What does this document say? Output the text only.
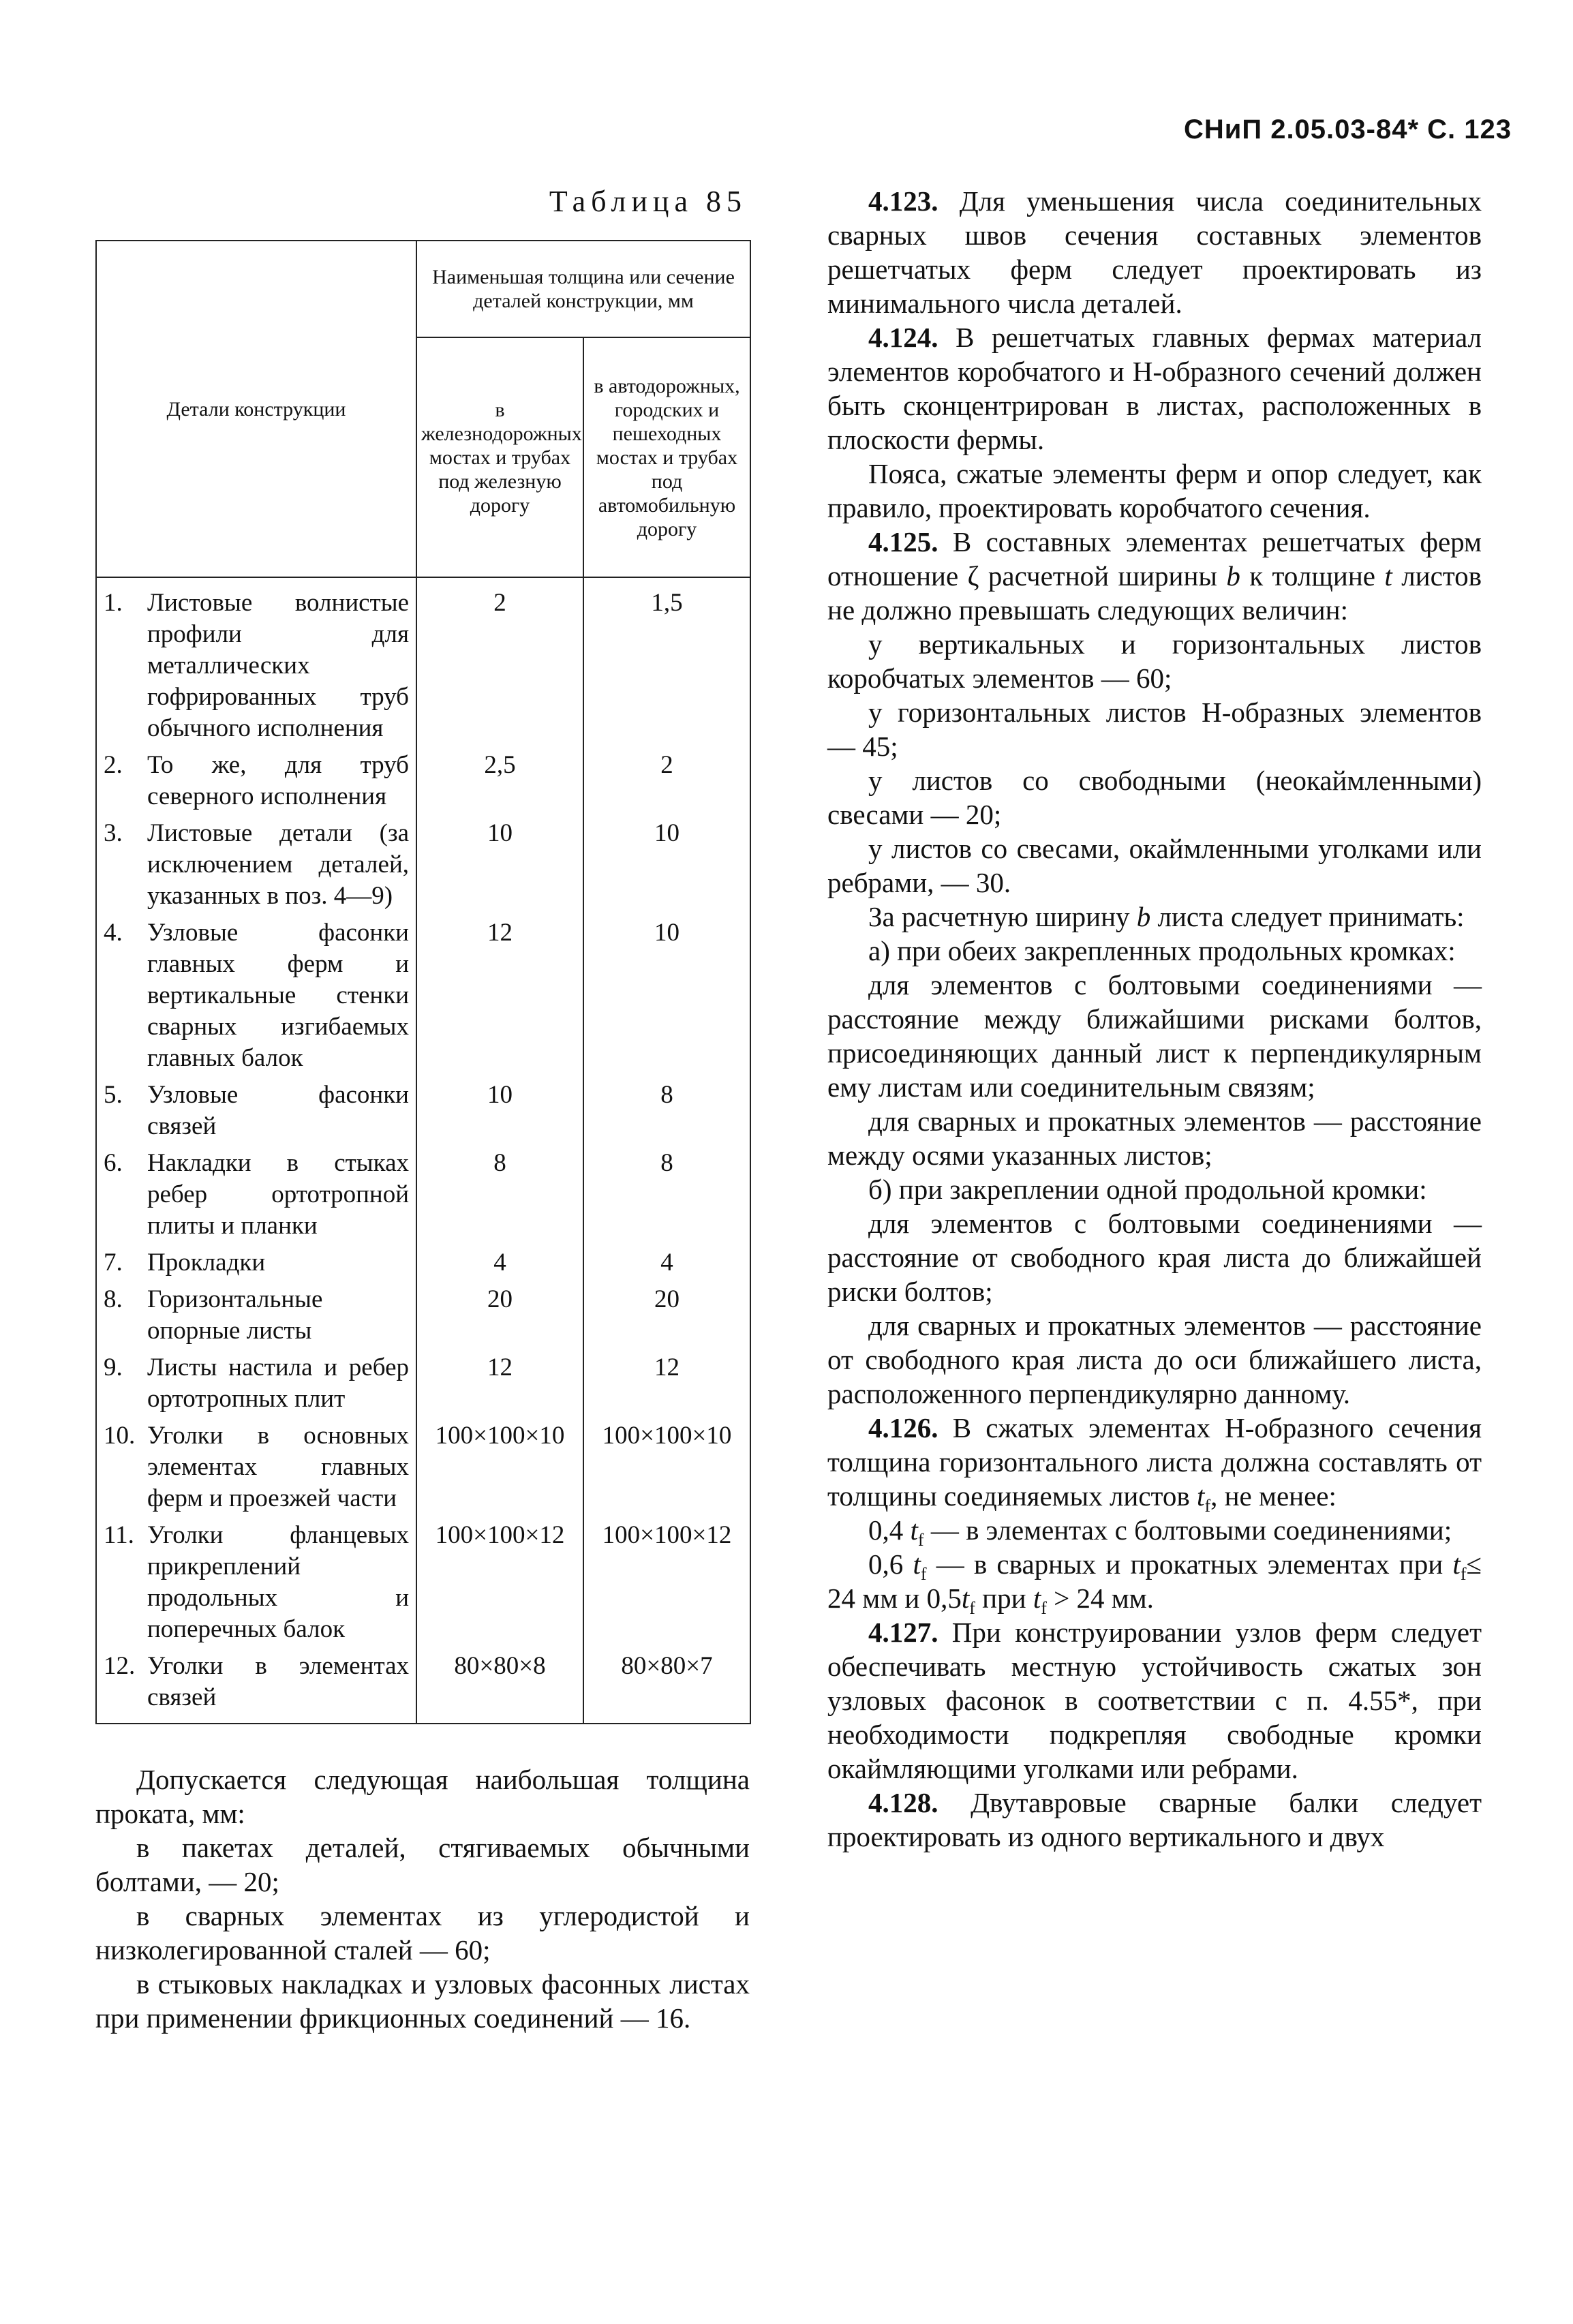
СНиП 2.05.03-84* С. 123
Таблица 85
Детали конструкции	Наименьшая толщина или сечение деталей конструкции, мм	
	в железнодорожных мостах и трубах под железную дорогу	в автодорожных, городских и пешеходных мостах и трубах под автомобильную дорогу

1. Листовые волнистые профили для металлических гофрированных труб обычного исполнения	2	1,5

2. То же, для труб северного исполнения	2,5	2

3. Листовые детали (за исключением деталей, указанных в поз. 4—9)	10	10

4. Узловые фасонки главных ферм и вертикальные стенки сварных изгибаемых главных балок	12	10

5. Узловые фасонки связей	10	8

6. Накладки в стыках ребер ортотропной плиты и планки	8	8

7. Прокладки	4	4

8. Горизонтальные опорные листы	20	20

9. Листы настила и ребер ортотропных плит	12	12

10. Уголки в основных элементах главных ферм и проезжей части	100×100×10	100×100×10

11. Уголки фланцевых прикреплений продольных и поперечных балок	100×100×12	100×100×12

12. Уголки в элементах связей	80×80×8	80×80×7

Допускается следующая наибольшая толщина проката, мм:

в пакетах деталей, стягиваемых обычными болтами, — 20;

в сварных элементах из углеродистой и низколегированной сталей — 60;

в стыковых накладках и узловых фасонных листах при применении фрикционных соединений — 16.

4.123. Для уменьшения числа соединительных сварных швов сечения составных элементов решетчатых ферм следует проектировать из минимального числа деталей.

4.124. В решетчатых главных фермах материал элементов коробчатого и Н-образного сечений должен быть сконцентрирован в листах, расположенных в плоскости фермы.

Пояса, сжатые элементы ферм и опор следует, как правило, проектировать коробчатого сечения.

4.125. В составных элементах решетчатых ферм отношение ζ расчетной ширины b к толщине t листов не должно превышать следующих величин:

у вертикальных и горизонтальных листов коробчатых элементов — 60;

у горизонтальных листов Н-образных элементов — 45;

у листов со свободными (неокаймленными) свесами — 20;

у листов со свесами, окаймленными уголками или ребрами, — 30.

За расчетную ширину b листа следует принимать:

а) при обеих закрепленных продольных кромках:

для элементов с болтовыми соединениями — расстояние между ближайшими рисками болтов, присоединяющих данный лист к перпендикулярным ему листам или соединительным связям;

для сварных и прокатных элементов — расстояние между осями указанных листов;

б) при закреплении одной продольной кромки:

для элементов с болтовыми соединениями — расстояние от свободного края листа до ближайшей риски болтов;

для сварных и прокатных элементов — расстояние от свободного края листа до оси ближайшего листа, расположенного перпендикулярно данному.

4.126. В сжатых элементах Н-образного сечения толщина горизонтального листа должна составлять от толщины соединяемых листов $t_f$, не менее:

0,4 $t_f$ — в элементах с болтовыми соединениями;

0,6 $t_f$ — в сварных и прокатных элементах при $t_f\le 24$ мм и $0,5t_f$ при $t_f > 24$ мм.

4.127. При конструировании узлов ферм следует обеспечивать местную устойчивость сжатых зон узловых фасонок в соответствии с п. 4.55*, при необходимости подкрепляя свободные кромки окаймляющими уголками или ребрами.

4.128. Двутавровые сварные балки следует проектировать из одного вертикального и двух
